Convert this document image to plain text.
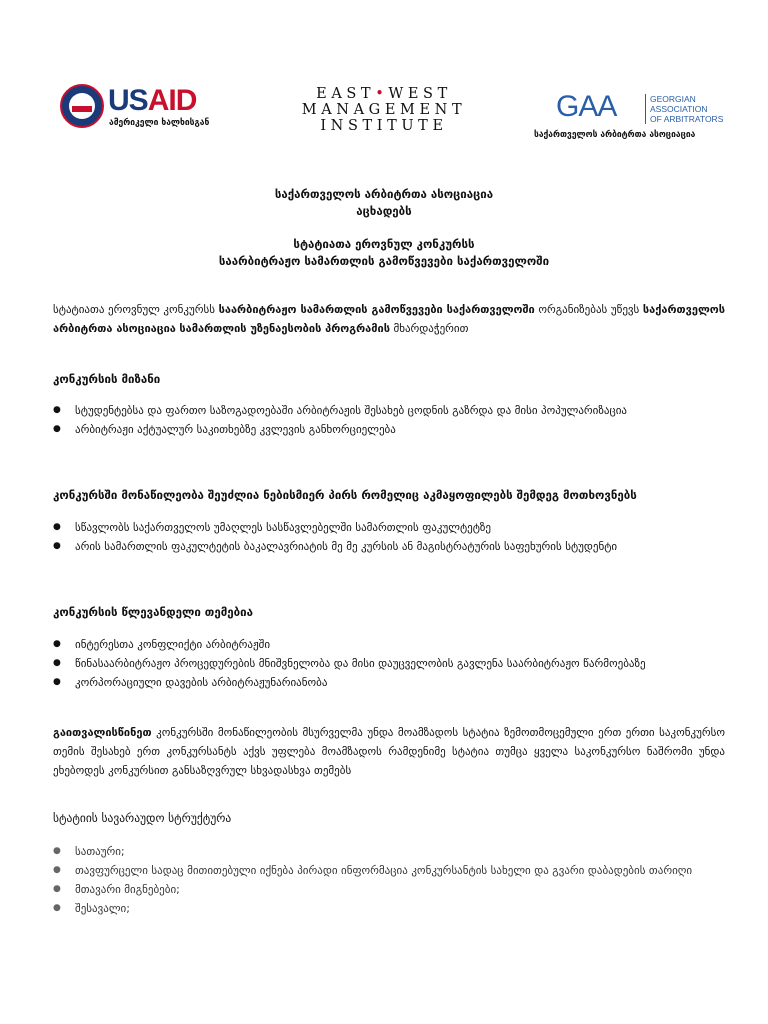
USAID
ამერიკელი ხალხისგან
EAST•WEST
MANAGEMENT
INSTITUTE
GAA	GEORGIAN
ASSOCIATION
OF ARBITRATORS
საქართველოს არბიტრთა ასოციაცია
საქართველოს არბიტრთა ასოციაცია
აცხადებს
სტატიათა ეროვნულ კონკურსს
საარბიტრაჟო სამართლის გამოწვევები საქართველოში
სტატიათა ეროვნულ კონკურსს საარბიტრაჟო სამართლის გამოწვევები საქართველოში ორგანიზებას უწევს საქართველოს არბიტრთა ასოციაცია სამართლის უზენაესობის პროგრამის მხარდაჭერით
კონკურსის მიზანი
● სტუდენტებსა და ფართო საზოგადოებაში არბიტრაჟის შესახებ ცოდნის გაზრდა და მისი პოპულარიზაცია
● არბიტრაჟი აქტუალურ საკითხებზე კვლევის განხორციელება
კონკურსში მონაწილეობა შეუძლია ნებისმიერ პირს რომელიც აკმაყოფილებს შემდეგ მოთხოვნებს
● სწავლობს საქართველოს უმაღლეს სასწავლებელში სამართლის ფაკულტეტზე
● არის სამართლის ფაკულტეტის ბაკალავრიატის მე მე კურსის ან მაგისტრატურის საფეხურის სტუდენტი
კონკურსის წლევანდელი თემებია
● ინტერესთა კონფლიქტი არბიტრაჟში
● წინასაარბიტრაჟო პროცედურების მნიშვნელობა და მისი დაუცველობის გავლენა საარბიტრაჟო წარმოებაზე
● კორპორაციული დავების არბიტრაჟუნარიანობა
გაითვალისწინეთ კონკურსში მონაწილეობის მსურველმა უნდა მოამზადოს სტატია ზემოთმოცემული ერთ ერთი საკონკურსო თემის შესახებ ერთ კონკურსანტს აქვს უფლება მოამზადოს რამდენიმე სტატია თუმცა ყველა საკონკურსო ნაშრომი უნდა ეხებოდეს კონკურსით განსაზღვრულ სხვადასხვა თემებს
სტატიის სავარაუდო სტრუქტურა
● სათაური;
● თავფურცელი სადაც მითითებული იქნება პირადი ინფორმაცია კონკურსანტის სახელი და გვარი დაბადების თარიღი
● მთავარი მიგნებები;
● შესავალი;
